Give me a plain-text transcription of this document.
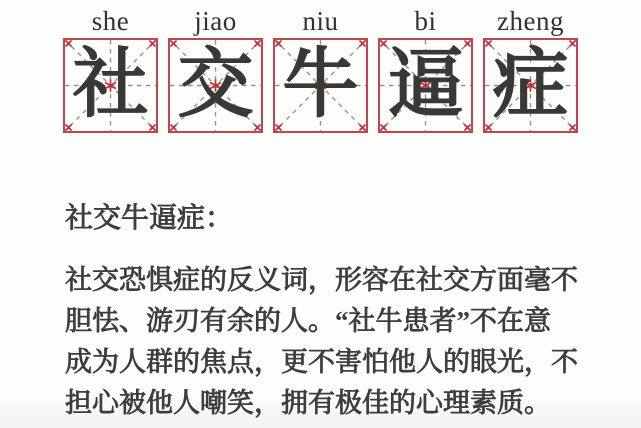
she
社
jiao
交
niu
牛
bi
逼
zheng
症
社交牛逼症：
社交恐惧症的反义词，形容在社交方面毫不
胆怯、游刃有余的人。“社牛患者”不在意
成为人群的焦点，更不害怕他人的眼光，不
担心被他人嘲笑，拥有极佳的心理素质。
